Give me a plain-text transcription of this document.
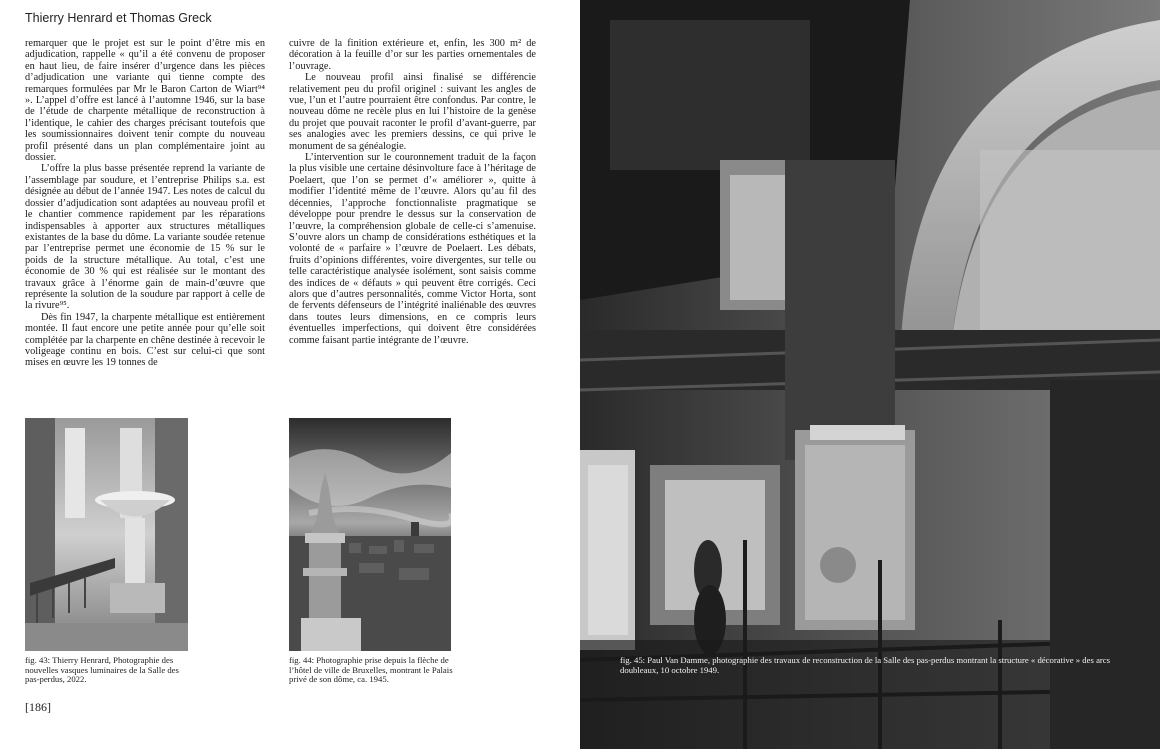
Thierry Henrard et Thomas Greck

remarquer que le projet est sur le point d’être mis en adjudication, rappelle « qu’il a été convenu de proposer en haut lieu, de faire insérer d’urgence dans les pièces d’adjudication une variante qui tienne compte des remarques formulées par Mr le Baron Carton de Wiart⁹⁴ ». L’appel d’offre est lancé à l’automne 1946, sur la base de l’étude de charpente métallique de reconstruction à l’identique, le cahier des charges précisant toutefois que les soumissionnaires doivent tenir compte du nouveau profil présenté dans un plan complémentaire joint au dossier.

L’offre la plus basse présentée reprend la variante de l’assemblage par soudure, et l’entreprise Philips s.a. est désignée au début de l’année 1947. Les notes de calcul du dossier d’adjudication sont adaptées au nouveau profil et le chantier commence rapidement par les réparations indispensables à apporter aux structures métalliques existantes de la base du dôme. La variante soudée retenue par l’entreprise permet une économie de 15 % sur le poids de la structure métallique. Au total, c’est une économie de 30 % qui est réalisée sur le montant des travaux grâce à l’énorme gain de main-d’œuvre que représente la solution de la soudure par rapport à celle de la rivure⁹⁵.

Dès fin 1947, la charpente métallique est entièrement montée. Il faut encore une petite année pour qu’elle soit complétée par la charpente en chêne destinée à recevoir le voligeage continu en bois. C’est sur celui-ci que sont mises en œuvre les 19 tonnes de

cuivre de la finition extérieure et, enfin, les 300 m² de décoration à la feuille d’or sur les parties ornementales de l’ouvrage.

Le nouveau profil ainsi finalisé se différencie relativement peu du profil originel : suivant les angles de vue, l’un et l’autre pourraient être confondus. Par contre, le nouveau dôme ne recèle plus en lui l’histoire de la genèse du projet que pouvait raconter le profil d’avant-guerre, par ses analogies avec les premiers dessins, ce qui prive le monument de sa généalogie.

L’intervention sur le couronnement traduit de la façon la plus visible une certaine désinvolture face à l’héritage de Poelaert, que l’on se permet d’« améliorer », quitte à modifier l’identité même de l’œuvre. Alors qu’au fil des décennies, l’approche fonctionnaliste pragmatique se développe pour prendre le dessus sur la conservation de l’œuvre, la compréhension globale de celle-ci s’amenuise. S’ouvre alors un champ de considérations esthétiques et la volonté de « parfaire » l’œuvre de Poelaert. Les débats, fruits d’opinions différentes, voire divergentes, sur telle ou telle caractéristique analysée isolément, sont saisis comme des indices de « défauts » qui peuvent être corrigés. Ceci alors que d’autres personnalités, comme Victor Horta, sont de fervents défenseurs de l’intégrité inaliénable des œuvres dans toutes leurs dimensions, en ce compris leurs éventuelles imperfections, qui doivent être considérées comme faisant partie intégrante de l’œuvre.

fig. 43: Thierry Henrard, Photographie des nouvelles vasques luminaires de la Salle des pas-perdus, 2022.
fig. 44: Photographie prise depuis la flèche de l’hôtel de ville de Bruxelles, montrant le Palais privé de son dôme, ca. 1945.
[186]
fig. 45: Paul Van Damme, photographie des travaux de reconstruction de la Salle des pas-perdus montrant la structure « décorative » des arcs doubleaux, 10 octobre 1949.
